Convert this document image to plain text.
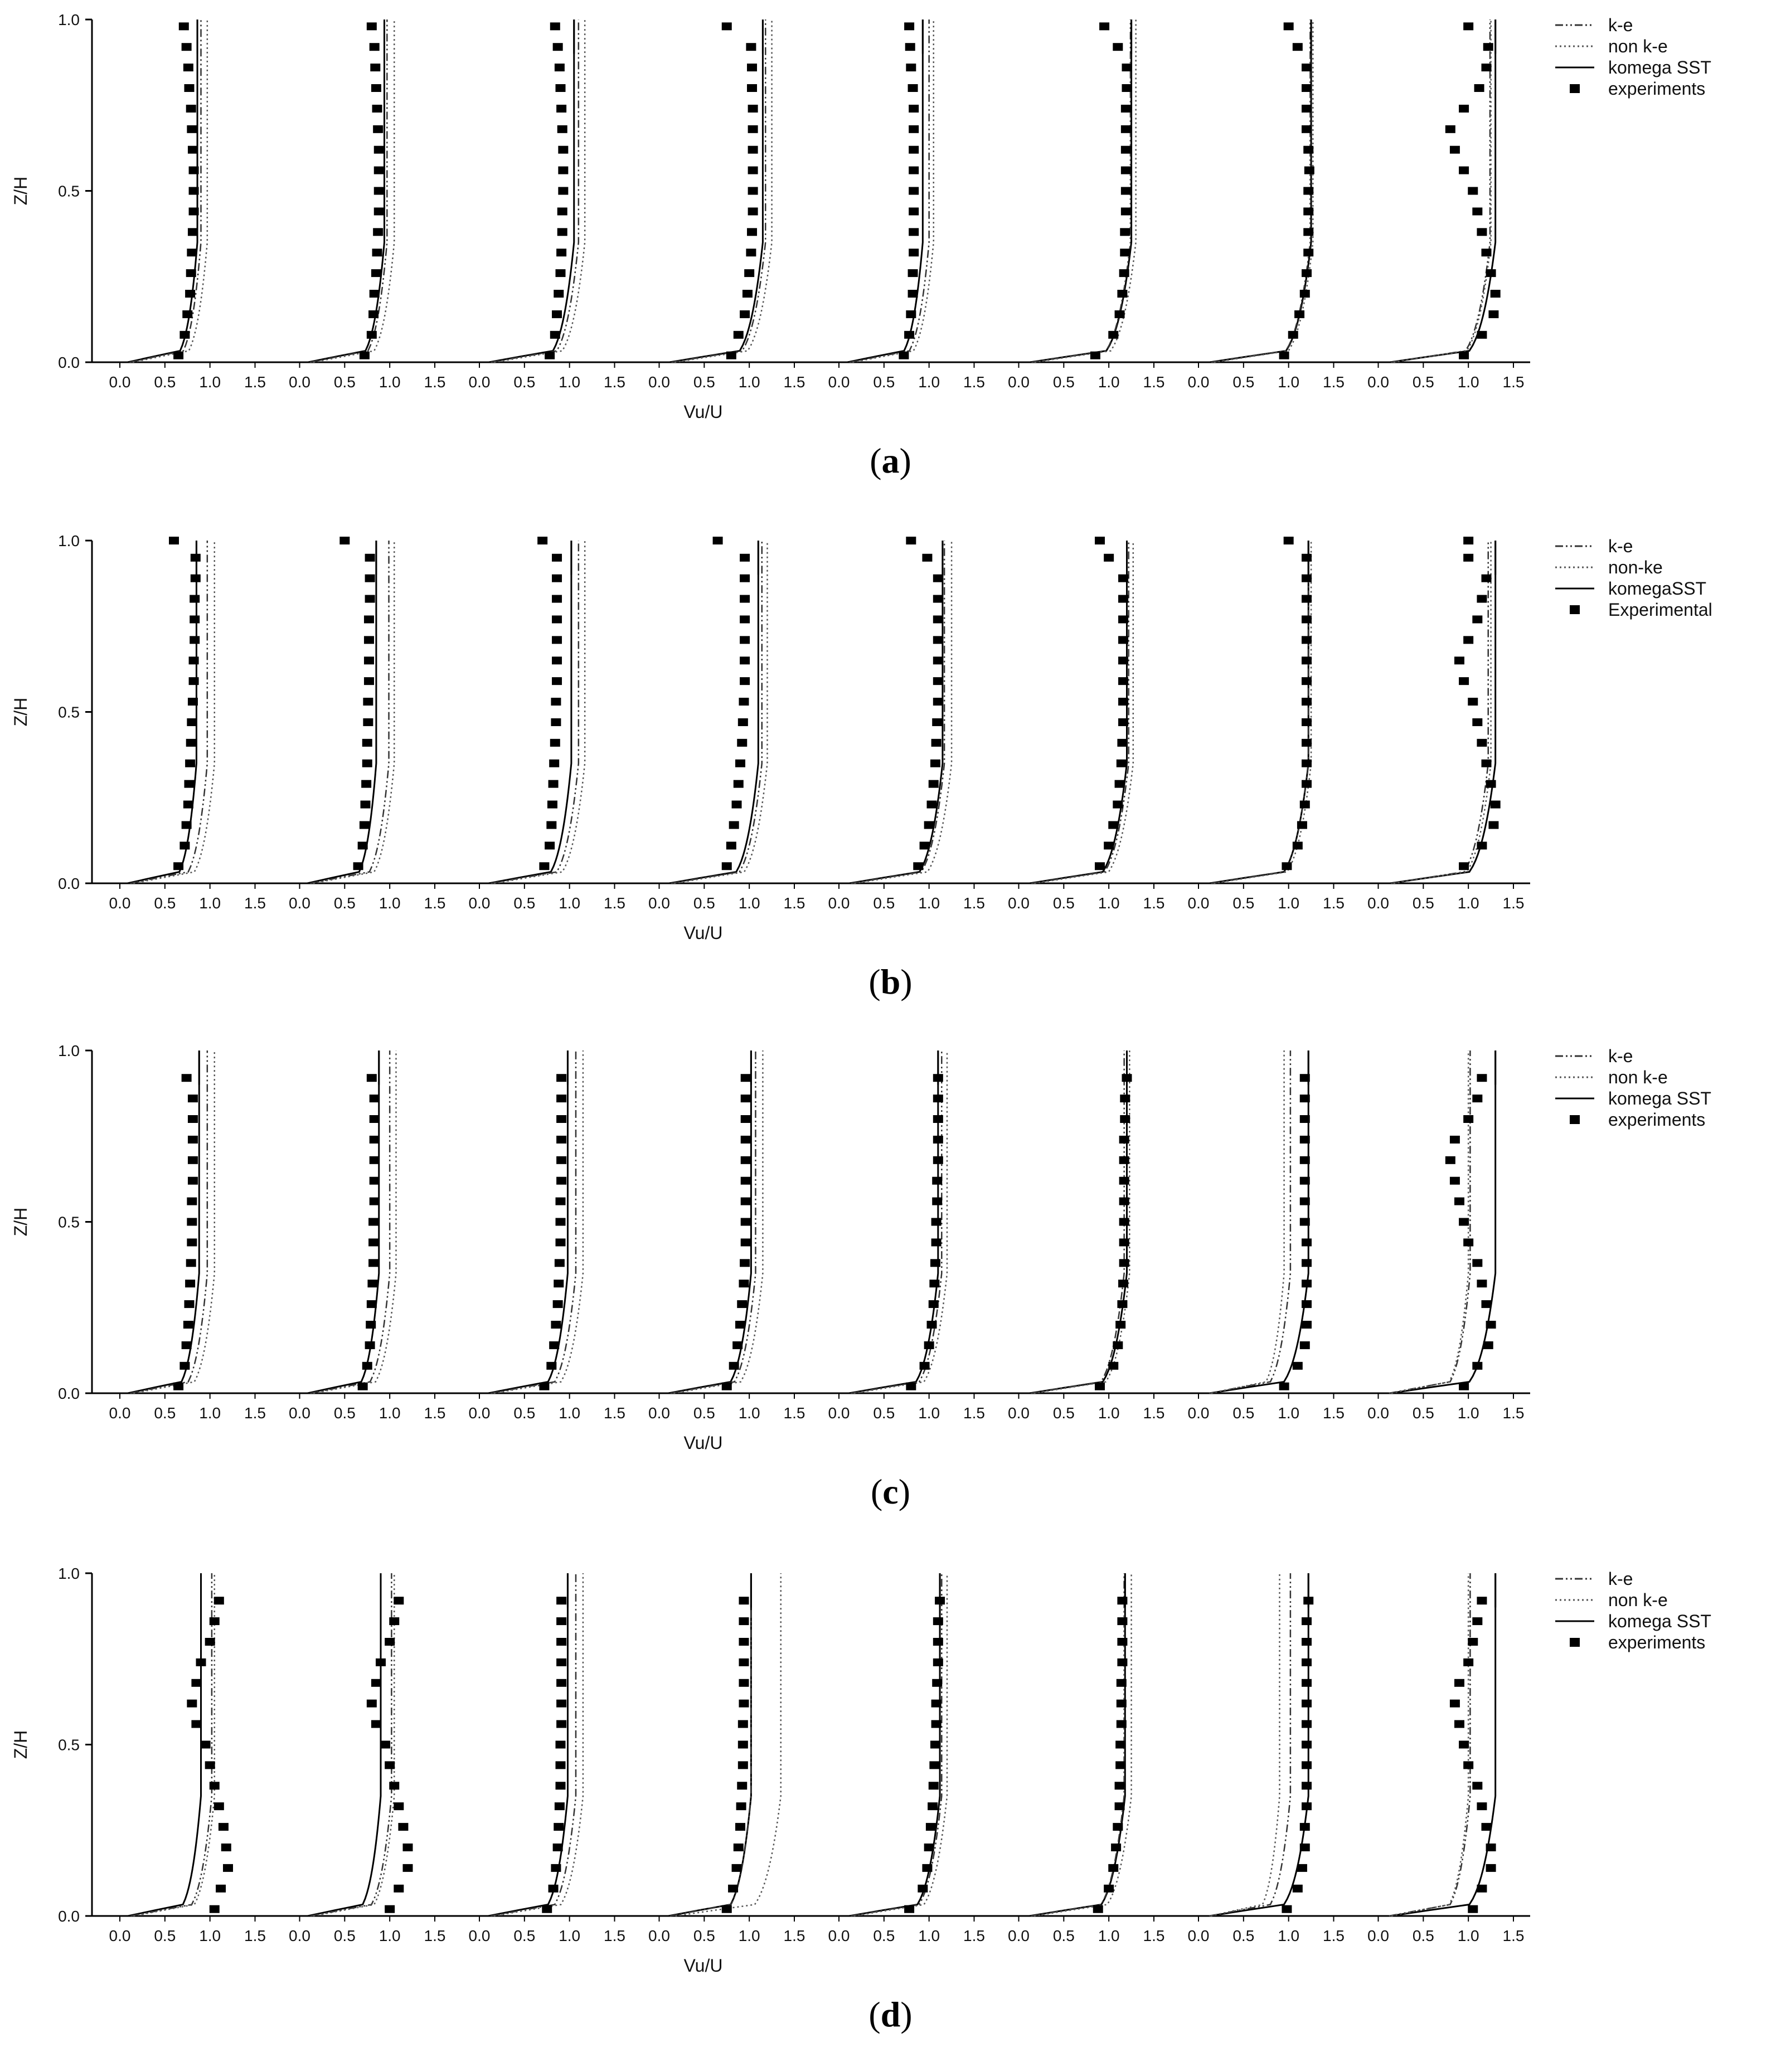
0.0
0.5
1.0
Z/H
Vu/U
0.0 0.5 1.0 1.5 0.0 0.5 1.0 1.5 0.0 0.5 1.0 1.5 0.0 0.5 1.0 1.5 0.0 0.5 1.0 1.5 0.0 0.5 1.0 1.5 0.0 0.5 1.0 1.5 0.0 0.5 1.0 1.5
k-e
non k-e
komega SST
experiments
(a)
0.0
0.5
1.0
Z/H
Vu/U
0.0 0.5 1.0 1.5 0.0 0.5 1.0 1.5 0.0 0.5 1.0 1.5 0.0 0.5 1.0 1.5 0.0 0.5 1.0 1.5 0.0 0.5 1.0 1.5 0.0 0.5 1.0 1.5 0.0 0.5 1.0 1.5
k-e
non-ke
komegaSST
Experimental
(b)
0.0
0.5
1.0
Z/H
Vu/U
0.0 0.5 1.0 1.5 0.0 0.5 1.0 1.5 0.0 0.5 1.0 1.5 0.0 0.5 1.0 1.5 0.0 0.5 1.0 1.5 0.0 0.5 1.0 1.5 0.0 0.5 1.0 1.5 0.0 0.5 1.0 1.5
k-e
non k-e
komega SST
experiments
(c)
0.0
0.5
1.0
Z/H
Vu/U
0.0 0.5 1.0 1.5 0.0 0.5 1.0 1.5 0.0 0.5 1.0 1.5 0.0 0.5 1.0 1.5 0.0 0.5 1.0 1.5 0.0 0.5 1.0 1.5 0.0 0.5 1.0 1.5 0.0 0.5 1.0 1.5
k-e
non k-e
komega SST
experiments
(d)
